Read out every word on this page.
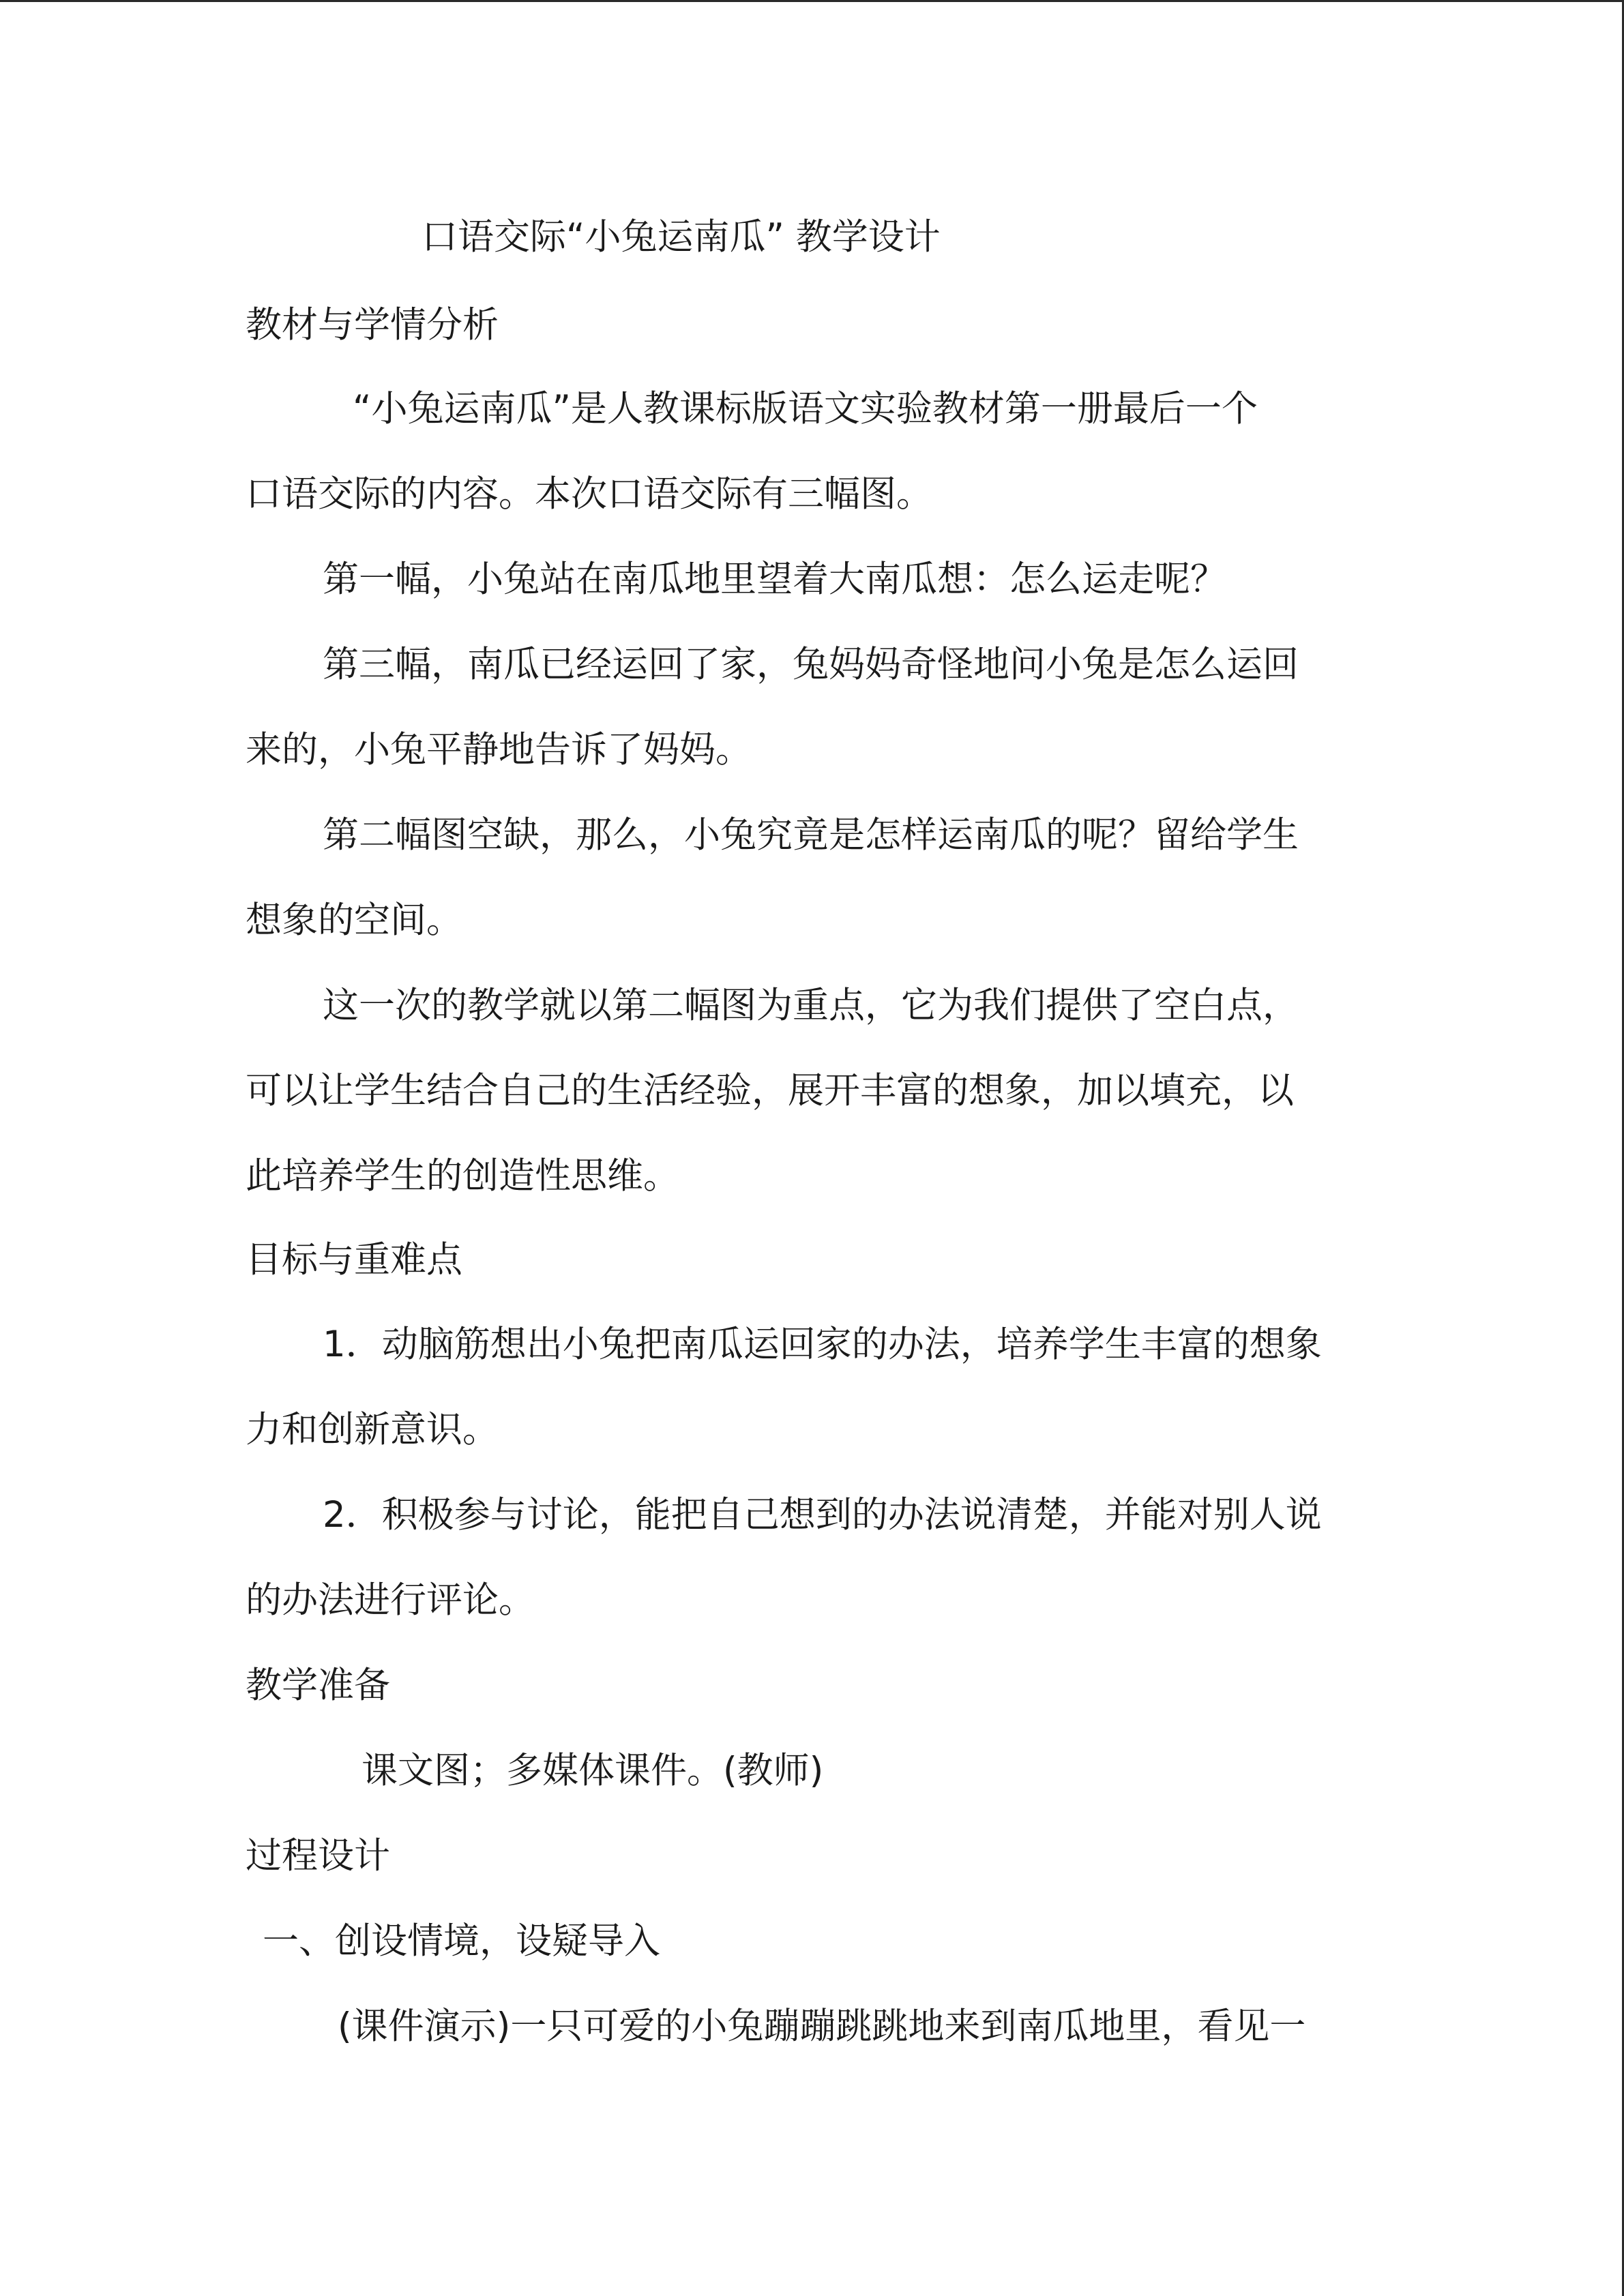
口语交际“小兔运南瓜” 教学设计

教材与学情分析

“小兔运南瓜”是人教课标版语文实验教材第一册最后一个

口语交际的内容。本次口语交际有三幅图。

第一幅，小兔站在南瓜地里望着大南瓜想：怎么运走呢？

第三幅，南瓜已经运回了家，兔妈妈奇怪地问小兔是怎么运回

来的，小兔平静地告诉了妈妈。

第二幅图空缺，那么，小兔究竟是怎样运南瓜的呢？留给学生

想象的空间。

这一次的教学就以第二幅图为重点，它为我们提供了空白点，

可以让学生结合自己的生活经验，展开丰富的想象，加以填充，以

此培养学生的创造性思维。

目标与重难点

1．动脑筋想出小兔把南瓜运回家的办法，培养学生丰富的想象

力和创新意识。

2．积极参与讨论，能把自己想到的办法说清楚，并能对别人说

的办法进行评论。

教学准备

课文图；多媒体课件。(教师)

过程设计

一、创设情境，设疑导入

(课件演示)一只可爱的小兔蹦蹦跳跳地来到南瓜地里，看见一
